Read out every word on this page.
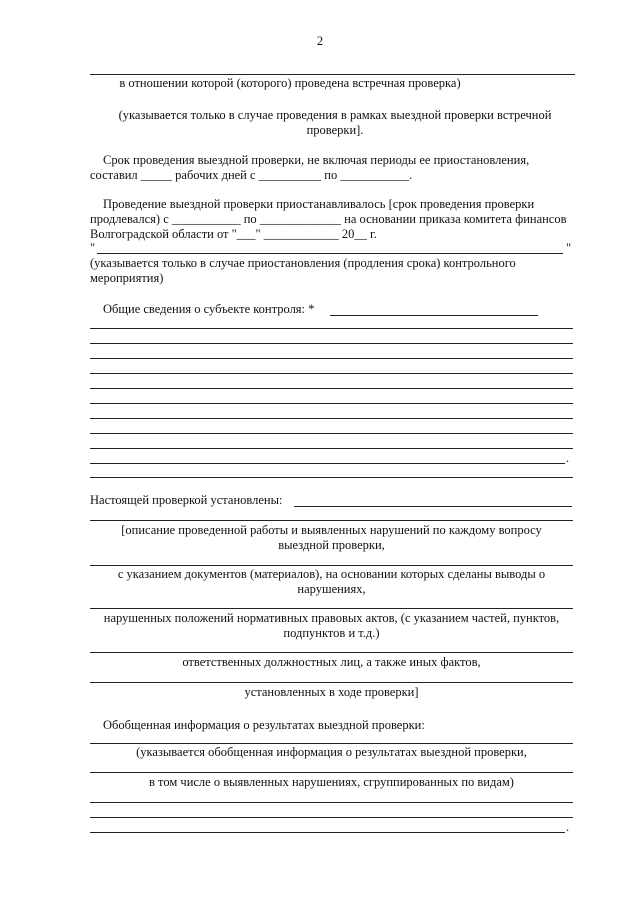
2
в отношении которой (которого) проведена встречная проверка)
(указывается только в случае проведения в рамках выездной проверки встречной
проверки].
Срок проведения выездной проверки, не включая периоды ее приостановления,
составил _____ рабочих дней с __________ по ___________.
Проведение выездной проверки приостанавливалось [срок проведения проверки
продлевался) с ___________ по _____________ на основании приказа комитета финансов
Волгоградской области от "___" ____________ 20__ г.
"	"
(указывается только в случае приостановления (продления срока) контрольного
мероприятия)
Общие сведения о субъекте контроля: *
.
Настоящей проверкой установлены:
[описание проведенной работы и выявленных нарушений по каждому вопросу
выездной проверки,
с указанием документов (материалов), на основании которых сделаны выводы о
нарушениях,
нарушенных положений нормативных правовых актов, (с указанием частей, пунктов,
подпунктов и т.д.)
ответственных должностных лиц, а также иных фактов,
установленных в ходе проверки]
Обобщенная информация о результатах выездной проверки:
(указывается обобщенная информация о результатах выездной проверки,
в том числе о выявленных нарушениях, сгруппированных по видам)
.
